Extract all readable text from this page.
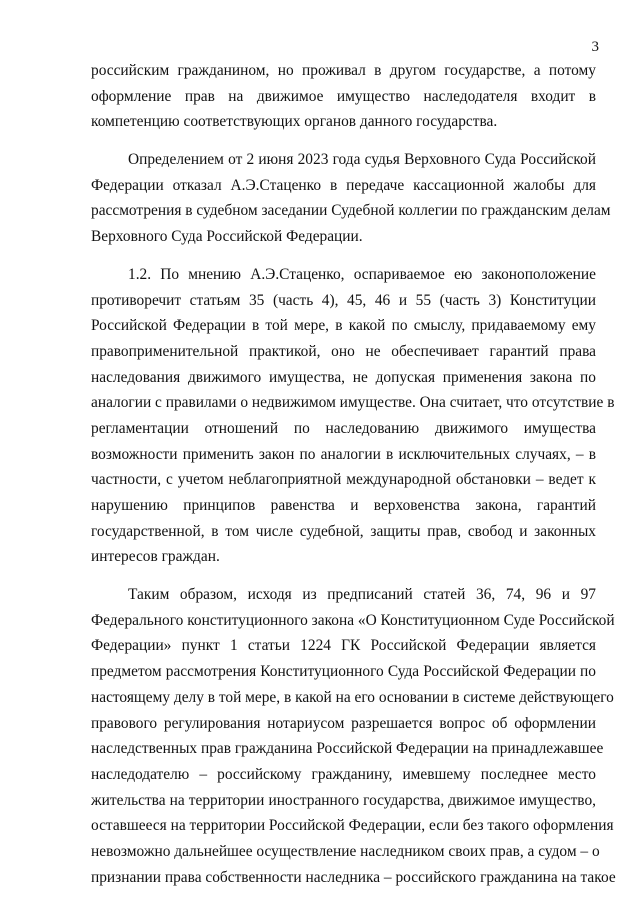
3
российским гражданином, но проживал в другом государстве, а потому
оформление прав на движимое имущество наследодателя входит в
компетенцию соответствующих органов данного государства.
Определением от 2 июня 2023 года судья Верховного Суда Российской
Федерации отказал А.Э.Стаценко в передаче кассационной жалобы для
рассмотрения в судебном заседании Судебной коллегии по гражданским делам
Верховного Суда Российской Федерации.
1.2. По мнению А.Э.Стаценко, оспариваемое ею законоположение
противоречит статьям 35 (часть 4), 45, 46 и 55 (часть 3) Конституции
Российской Федерации в той мере, в какой по смыслу, придаваемому ему
правоприменительной практикой, оно не обеспечивает гарантий права
наследования движимого имущества, не допуская применения закона по
аналогии с правилами о недвижимом имуществе. Она считает, что отсутствие в
регламентации отношений по наследованию движимого имущества
возможности применить закон по аналогии в исключительных случаях, – в
частности, с учетом неблагоприятной международной обстановки – ведет к
нарушению принципов равенства и верховенства закона, гарантий
государственной, в том числе судебной, защиты прав, свобод и законных
интересов граждан.
Таким образом, исходя из предписаний статей 36, 74, 96 и 97
Федерального конституционного закона «О Конституционном Суде Российской
Федерации» пункт 1 статьи 1224 ГК Российской Федерации является
предметом рассмотрения Конституционного Суда Российской Федерации по
настоящему делу в той мере, в какой на его основании в системе действующего
правового регулирования нотариусом разрешается вопрос об оформлении
наследственных прав гражданина Российской Федерации на принадлежавшее
наследодателю – российскому гражданину, имевшему последнее место
жительства на территории иностранного государства, движимое имущество,
оставшееся на территории Российской Федерации, если без такого оформления
невозможно дальнейшее осуществление наследником своих прав, а судом – о
признании права собственности наследника – российского гражданина на такое
